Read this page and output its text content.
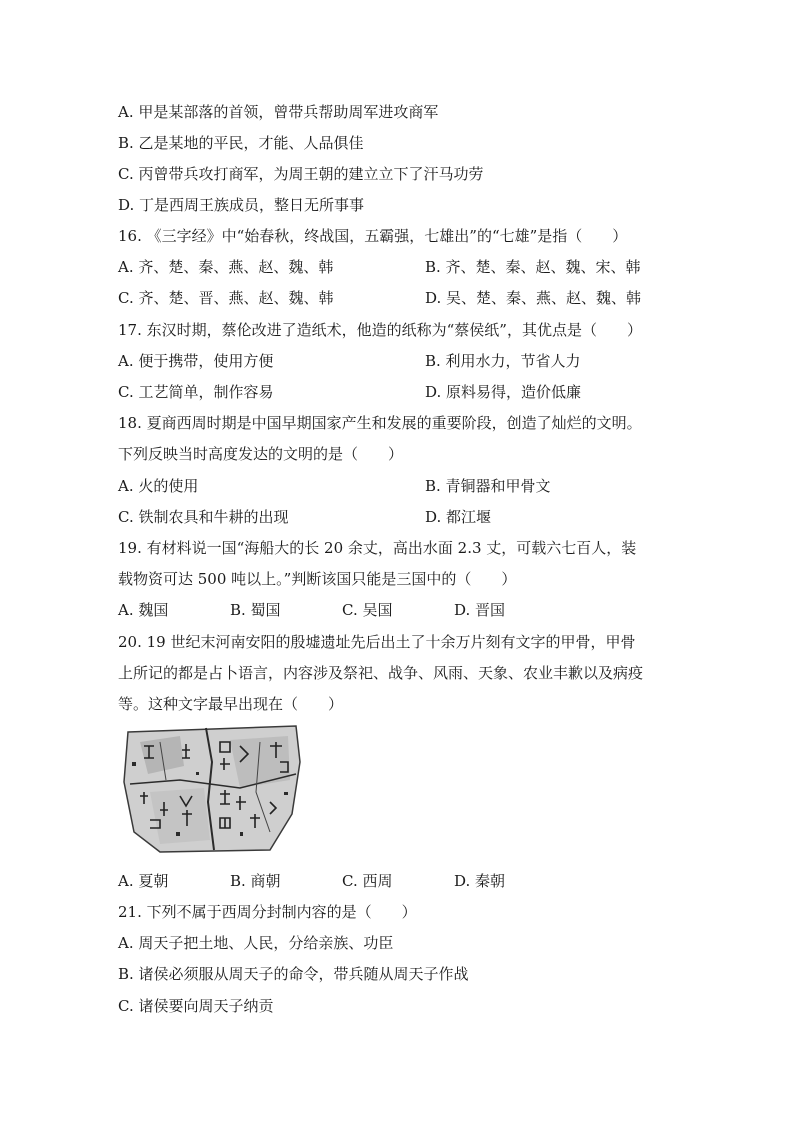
A. 甲是某部落的首领，曾带兵帮助周军进攻商军
B. 乙是某地的平民，才能、人品俱佳
C. 丙曾带兵攻打商军，为周王朝的建立立下了汗马功劳
D. 丁是西周王族成员，整日无所事事
16. 《三字经》中“始春秋，终战国，五霸强，七雄出”的“七雄”是指（　　）
A. 齐、楚、秦、燕、赵、魏、韩	B. 齐、楚、秦、赵、魏、宋、韩
C. 齐、楚、晋、燕、赵、魏、韩	D. 吴、楚、秦、燕、赵、魏、韩
17. 东汉时期，蔡伦改进了造纸术，他造的纸称为“蔡侯纸”，其优点是（　　）
A. 便于携带，使用方便	B. 利用水力，节省人力
C. 工艺简单，制作容易	D. 原料易得，造价低廉
18. 夏商西周时期是中国早期国家产生和发展的重要阶段，创造了灿烂的文明。
下列反映当时高度发达的文明的是（　　）
A. 火的使用	B. 青铜器和甲骨文
C. 铁制农具和牛耕的出现	D. 都江堰
19. 有材料说一国“海船大的长 20 余丈，高出水面 2.3 丈，可载六七百人，装
载物资可达 500 吨以上。”判断该国只能是三国中的（　　）
A. 魏国	B. 蜀国	C. 吴国	D. 晋国
20. 19 世纪末河南安阳的殷墟遗址先后出土了十余万片刻有文字的甲骨，甲骨
上所记的都是占卜语言，内容涉及祭祀、战争、风雨、天象、农业丰歉以及病疫
等。这种文字最早出现在（　　）
A. 夏朝	B. 商朝	C. 西周	D. 秦朝
21. 下列不属于西周分封制内容的是（　　）
A. 周天子把土地、人民，分给亲族、功臣
B. 诸侯必须服从周天子的命令，带兵随从周天子作战
C. 诸侯要向周天子纳贡
